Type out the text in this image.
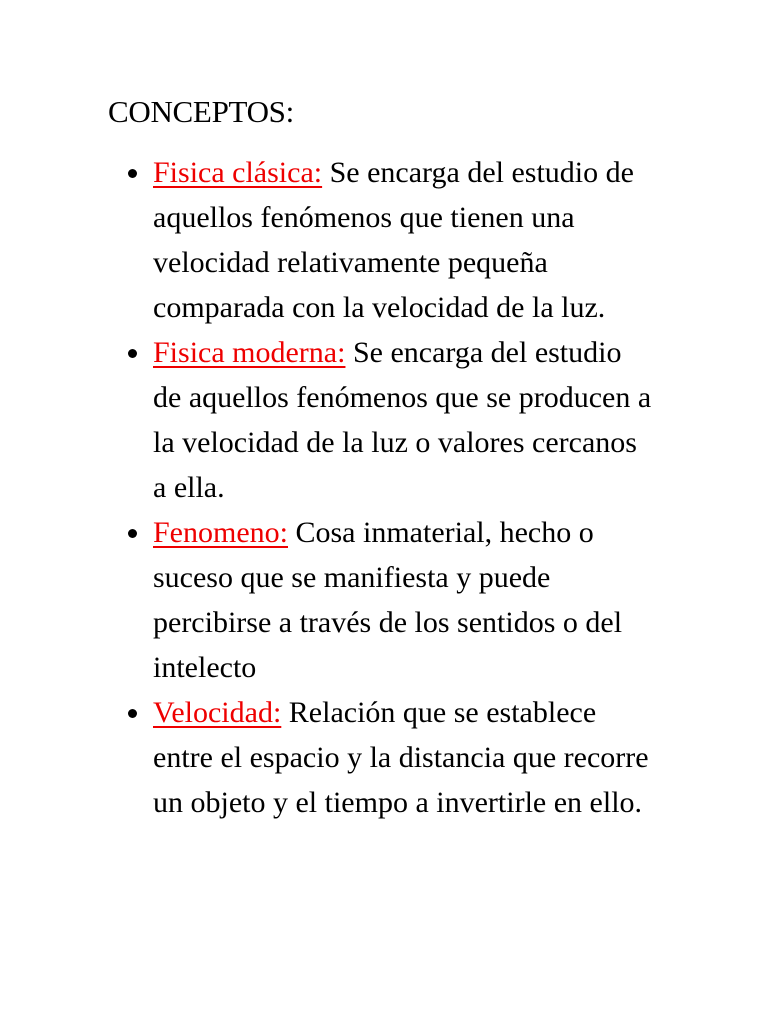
CONCEPTOS:
Fisica clásica: Se encarga del estudio de aquellos fenómenos que tienen una velocidad relativamente pequeña comparada con la velocidad de la luz.
Fisica moderna: Se encarga del estudio de aquellos fenómenos que se producen a la velocidad de la luz o valores cercanos a ella.
Fenomeno: Cosa inmaterial, hecho o suceso que se manifiesta y puede percibirse a través de los sentidos o del intelecto
Velocidad: Relación que se establece entre el espacio y la distancia que recorre un objeto y el tiempo a invertirle en ello.
